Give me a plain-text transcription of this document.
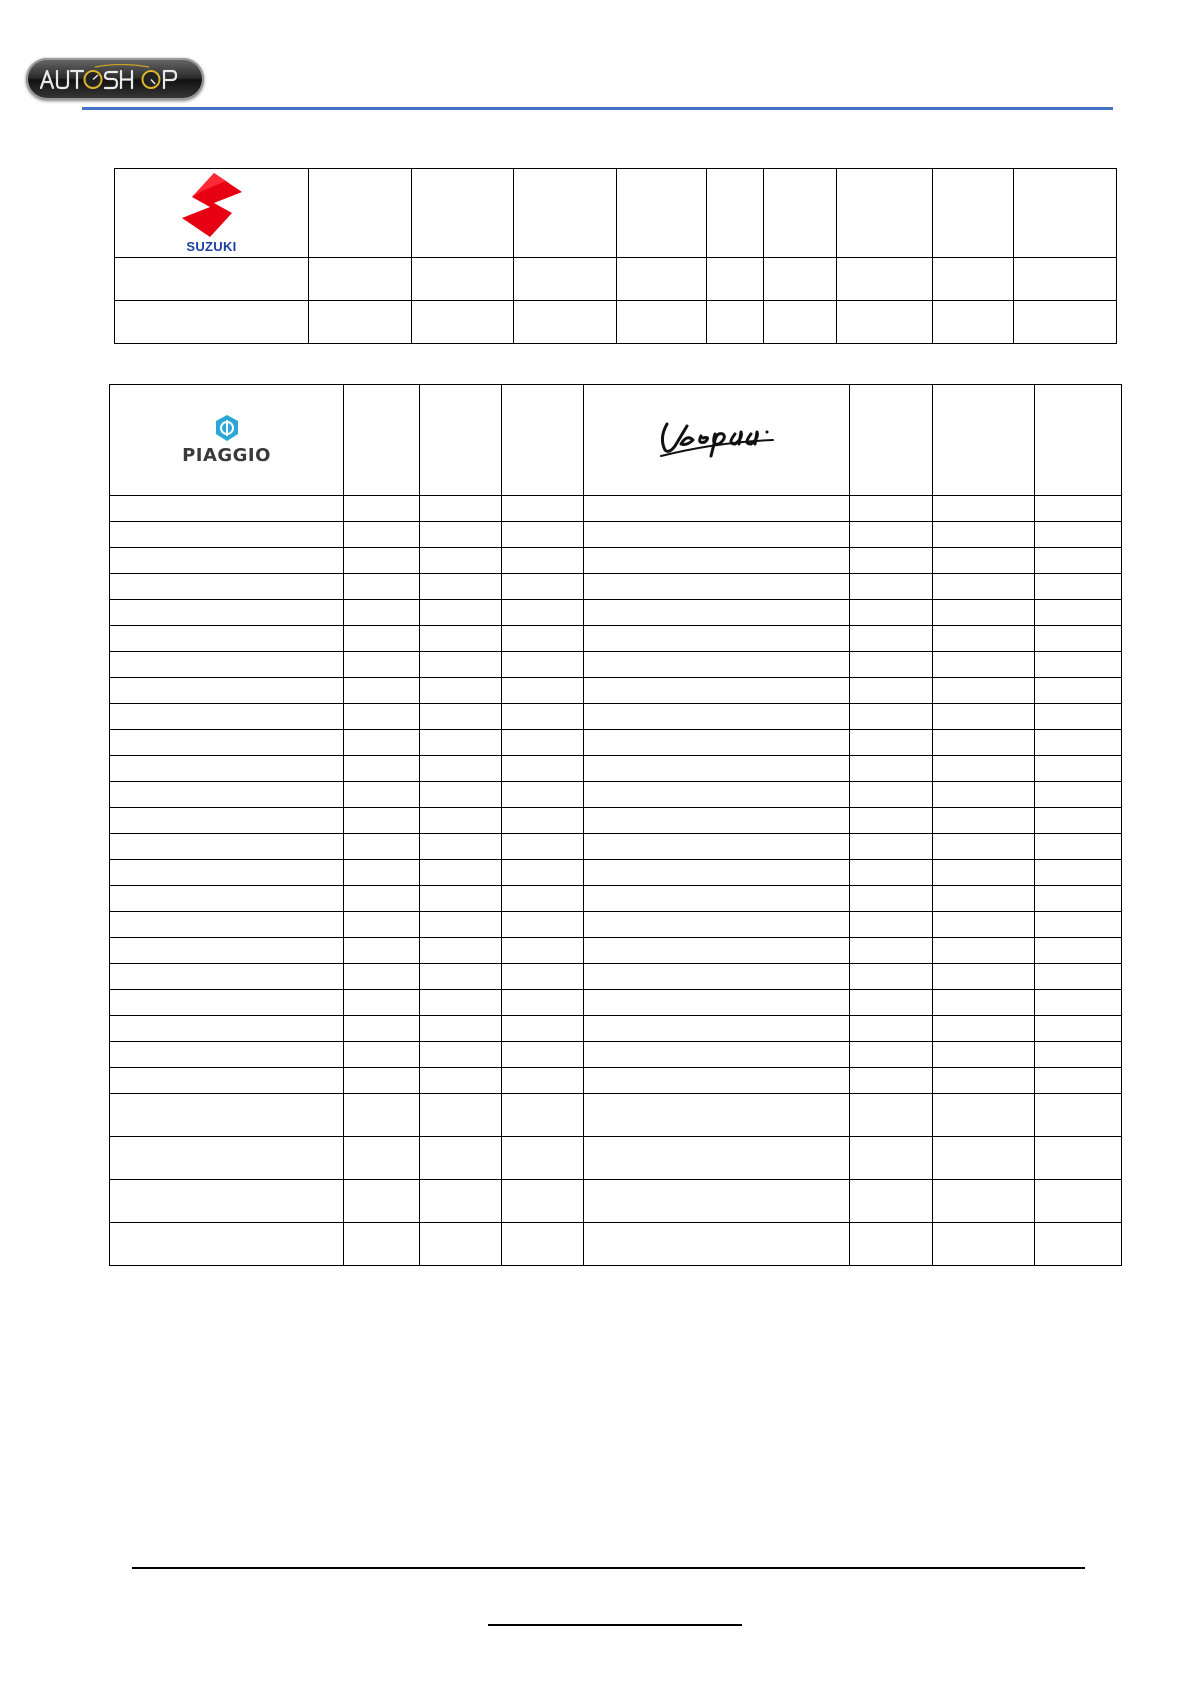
SUZUKI									

PIAGGIO
